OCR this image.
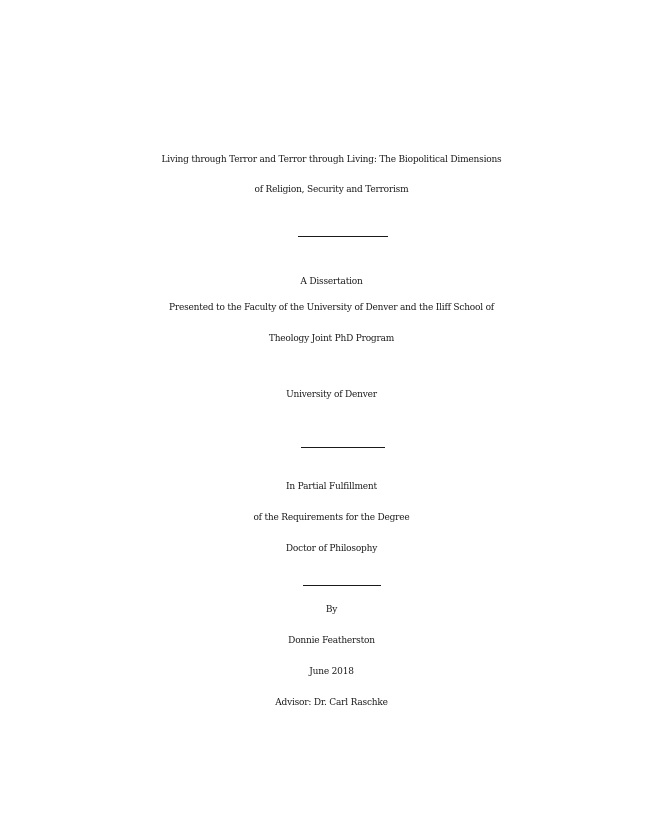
Living through Terror and Terror through Living: The Biopolitical Dimensions
of Religion, Security and Terrorism
A Dissertation
Presented to the Faculty of the University of Denver and the Iliff School of
Theology Joint PhD Program
University of Denver
In Partial Fulfillment
of the Requirements for the Degree
Doctor of Philosophy
By
Donnie Featherston
June 2018
Advisor: Dr. Carl Raschke
